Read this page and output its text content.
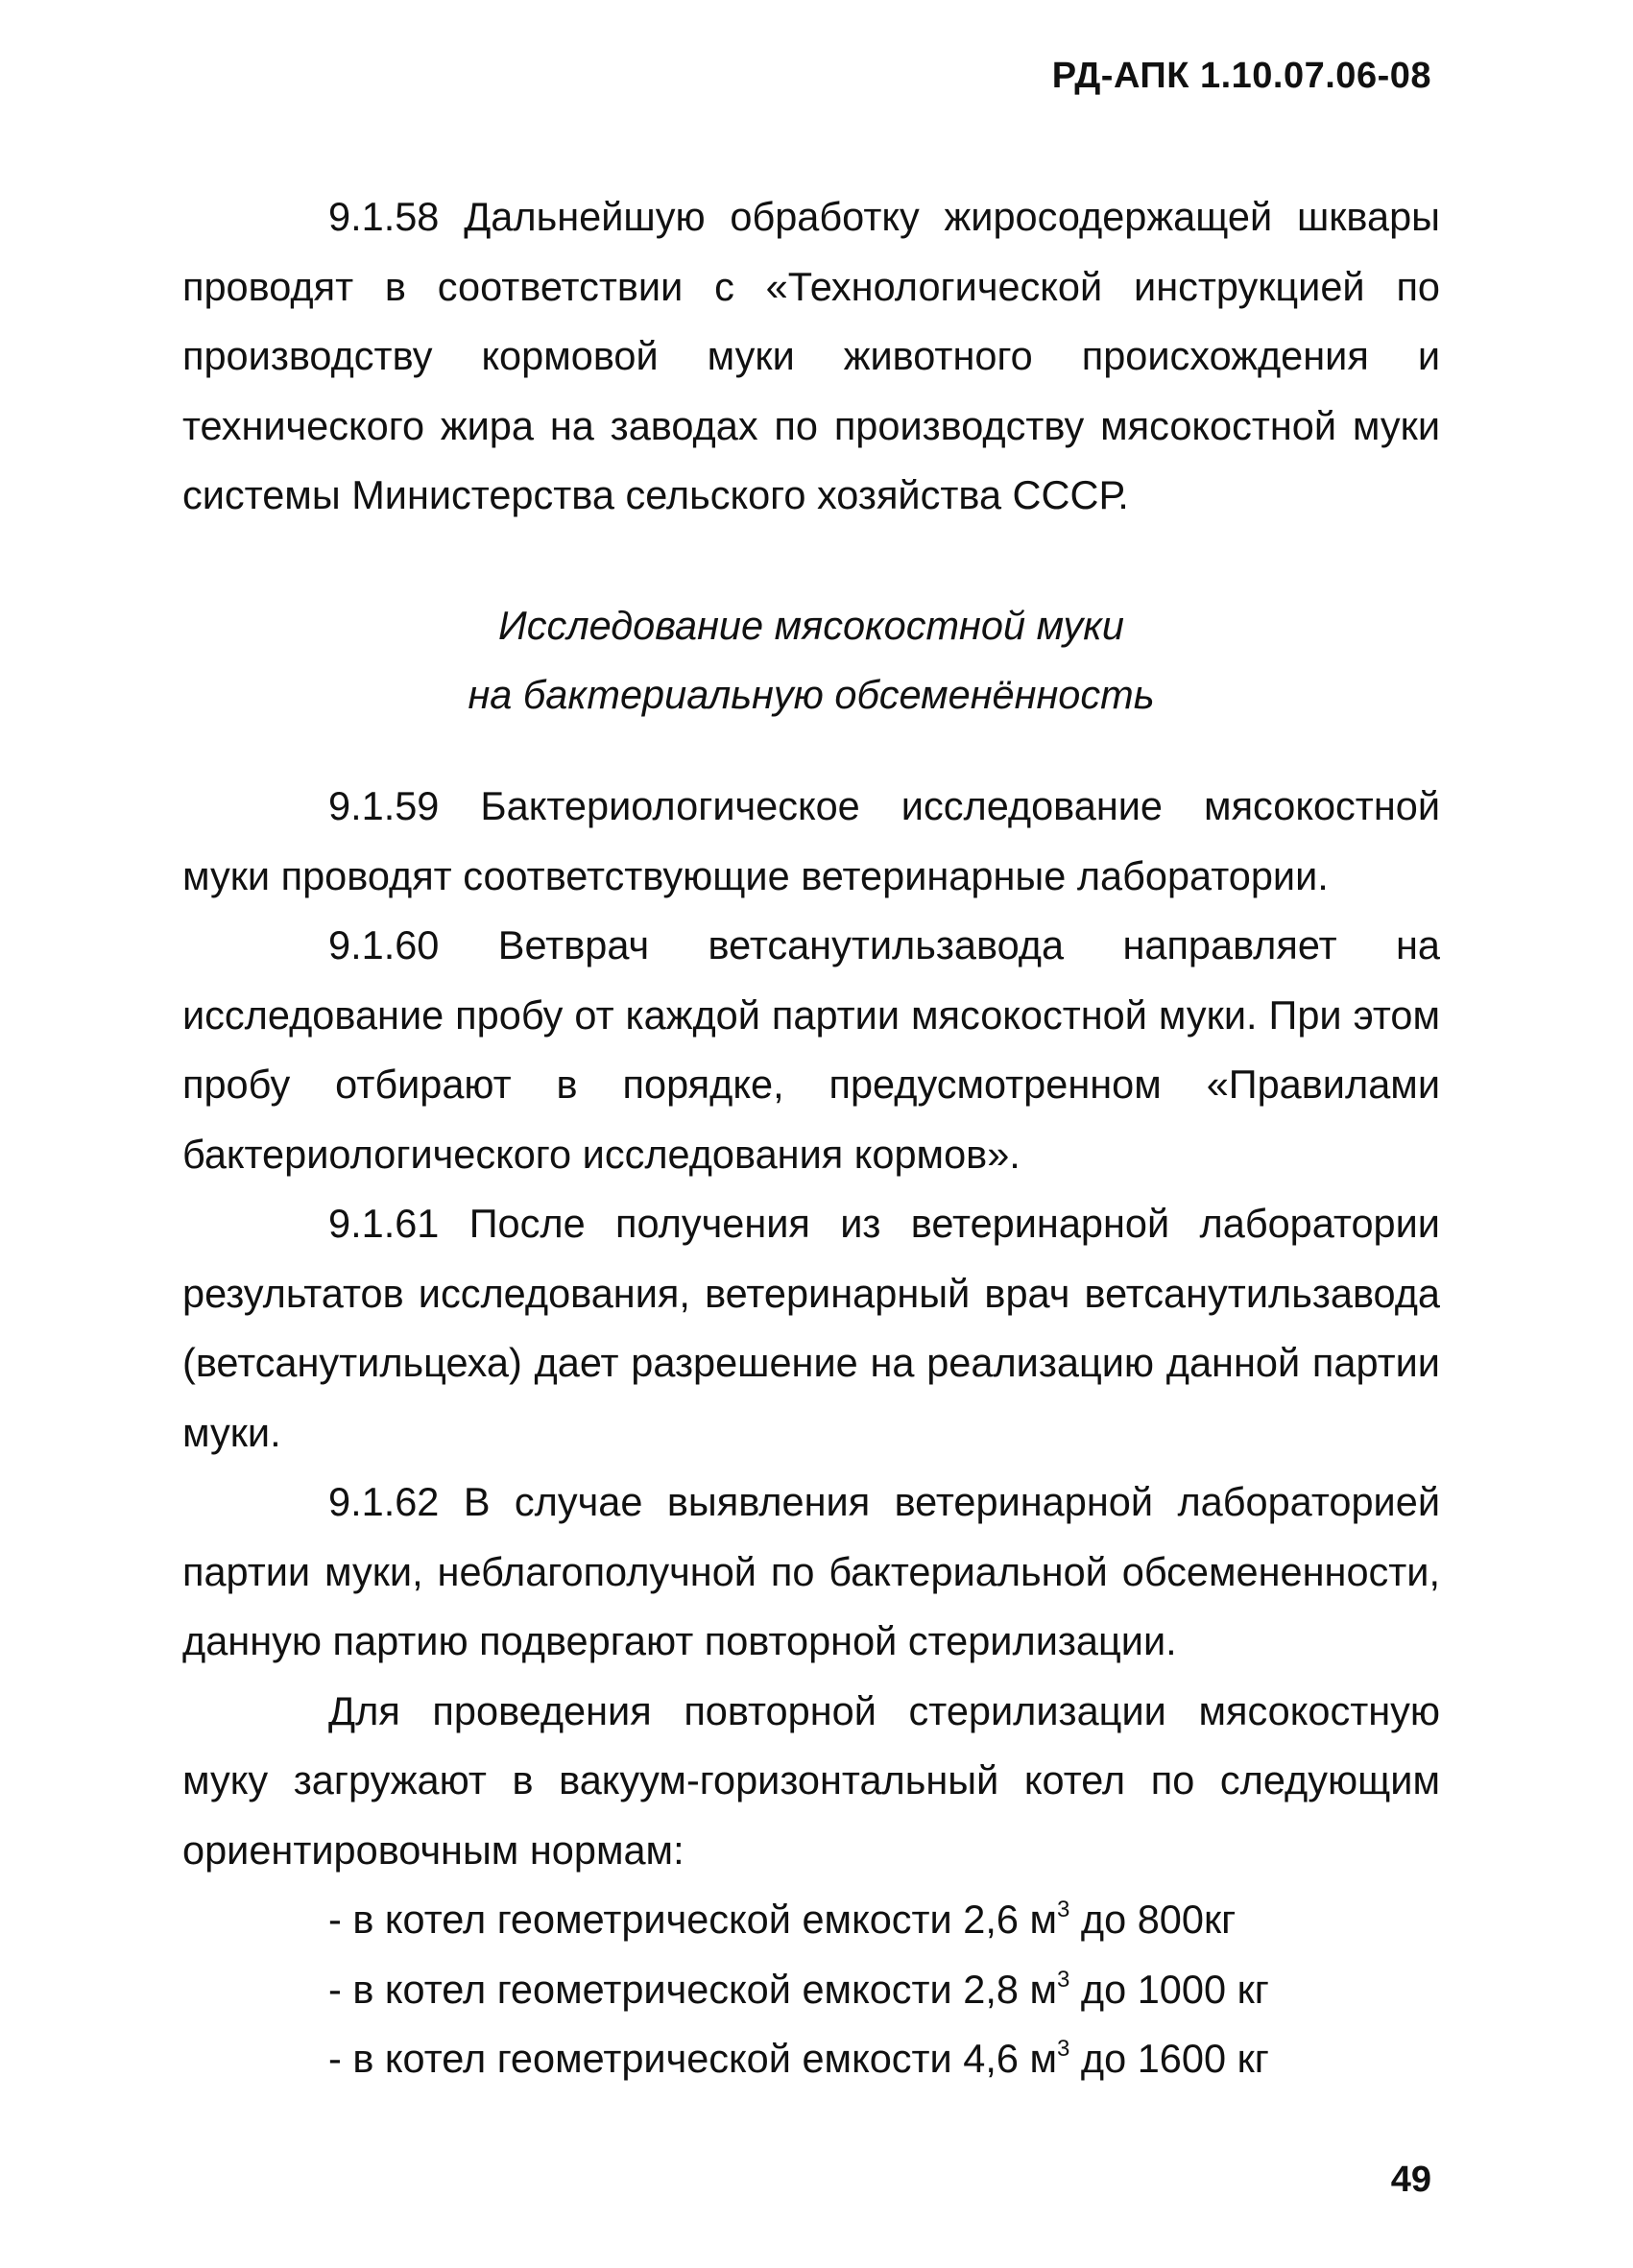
РД-АПК 1.10.07.06-08

9.1.58 Дальнейшую обработку жиросодержащей шквары проводят в соответствии с «Технологической инструкцией по производству кормовой муки животного происхождения и технического жира на заводах по производству мясокостной муки системы Министерства сельского хозяйства СССР.

Исследование мясокостной муки
на бактериальную обсеменённость

9.1.59 Бактериологическое исследование мясокостной муки проводят соответствующие ветеринарные лаборатории.

9.1.60 Ветврач ветсанутильзавода направляет на исследование пробу от каждой партии мясокостной муки. При этом пробу отбирают в порядке, предусмотренном «Правилами бактериологического исследования кормов».

9.1.61 После получения из ветеринарной лаборатории результатов исследования, ветеринарный врач ветсанутильзавода (ветсанутильцеха) дает разрешение на реализацию данной партии муки.

9.1.62 В случае выявления ветеринарной лабораторией партии муки, неблагополучной по бактериальной обсемененности, данную партию подвергают повторной стерилизации.

Для проведения повторной стерилизации мясокостную муку загружают в вакуум-горизонтальный котел по следующим ориентировочным нормам:

- в котел геометрической емкости 2,6 $м^3$ до 800кг

- в котел геометрической емкости 2,8 $м^3$ до 1000 кг

- в котел геометрической емкости 4,6 $м^3$ до 1600 кг

49
